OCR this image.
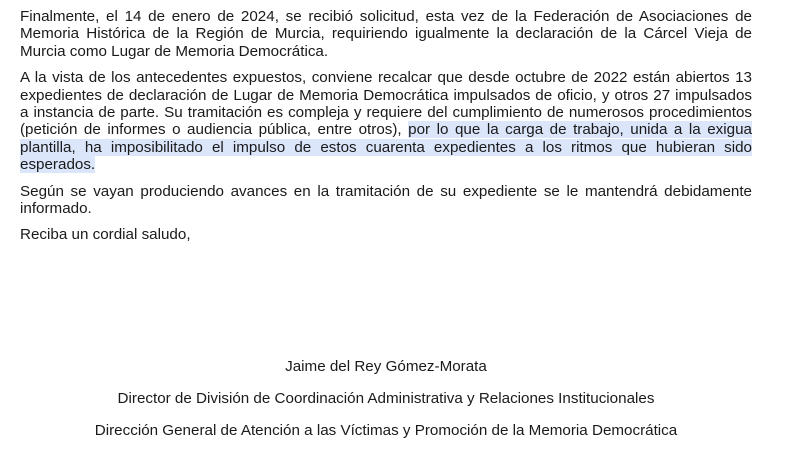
Finalmente, el 14 de enero de 2024, se recibió solicitud, esta vez de la Federación de Asociaciones de Memoria Histórica de la Región de Murcia, requiriendo igualmente la declaración de la Cárcel Vieja de Murcia como Lugar de Memoria Democrática.

A la vista de los antecedentes expuestos, conviene recalcar que desde octubre de 2022 están abiertos 13 expedientes de declaración de Lugar de Memoria Democrática impulsados de oficio, y otros 27 impulsados a instancia de parte. Su tramitación es compleja y requiere del cumplimiento de numerosos procedimientos (petición de informes o audiencia pública, entre otros), por lo que la carga de trabajo, unida a la exigua plantilla, ha imposibilitado el impulso de estos cuarenta expedientes a los ritmos que hubieran sido esperados.

Según se vayan produciendo avances en la tramitación de su expediente se le mantendrá debidamente informado.

Reciba un cordial saludo,

Jaime del Rey Gómez-Morata
Director de División de Coordinación Administrativa y Relaciones Institucionales
Dirección General de Atención a las Víctimas y Promoción de la Memoria Democrática
